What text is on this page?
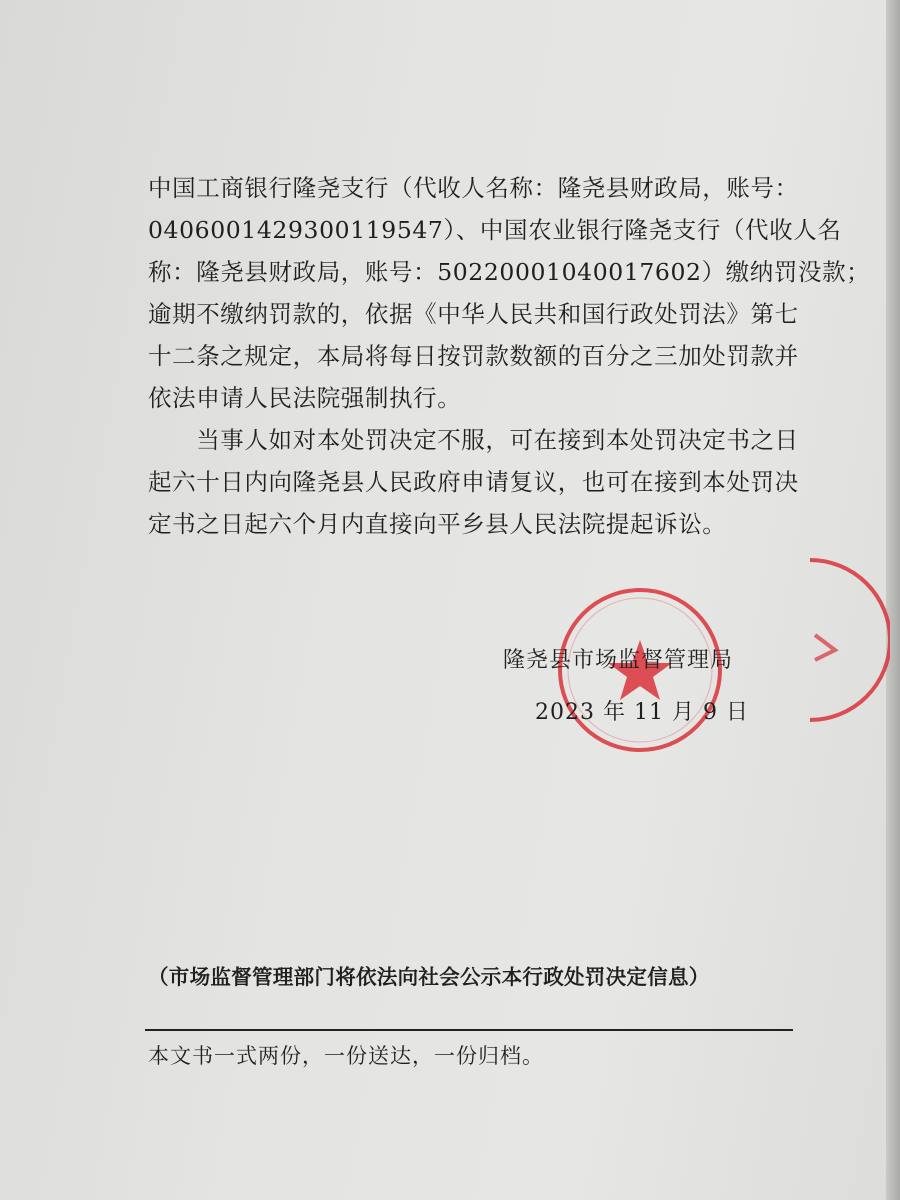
中国工商银行隆尧支行（代收人名称：隆尧县财政局，账号：
0406001429300119547）、中国农业银行隆尧支行（代收人名
称：隆尧县财政局，账号：50220001040017602）缴纳罚没款；
逾期不缴纳罚款的，依据《中华人民共和国行政处罚法》第七
十二条之规定，本局将每日按罚款数额的百分之三加处罚款并
依法申请人民法院强制执行。
　　当事人如对本处罚决定不服，可在接到本处罚决定书之日
起六十日内向隆尧县人民政府申请复议，也可在接到本处罚决
定书之日起六个月内直接向平乡县人民法院提起诉讼。
隆尧县市场监督管理局
2023 年 11 月 9 日
（市场监督管理部门将依法向社会公示本行政处罚决定信息）
本文书一式两份，一份送达，一份归档。
